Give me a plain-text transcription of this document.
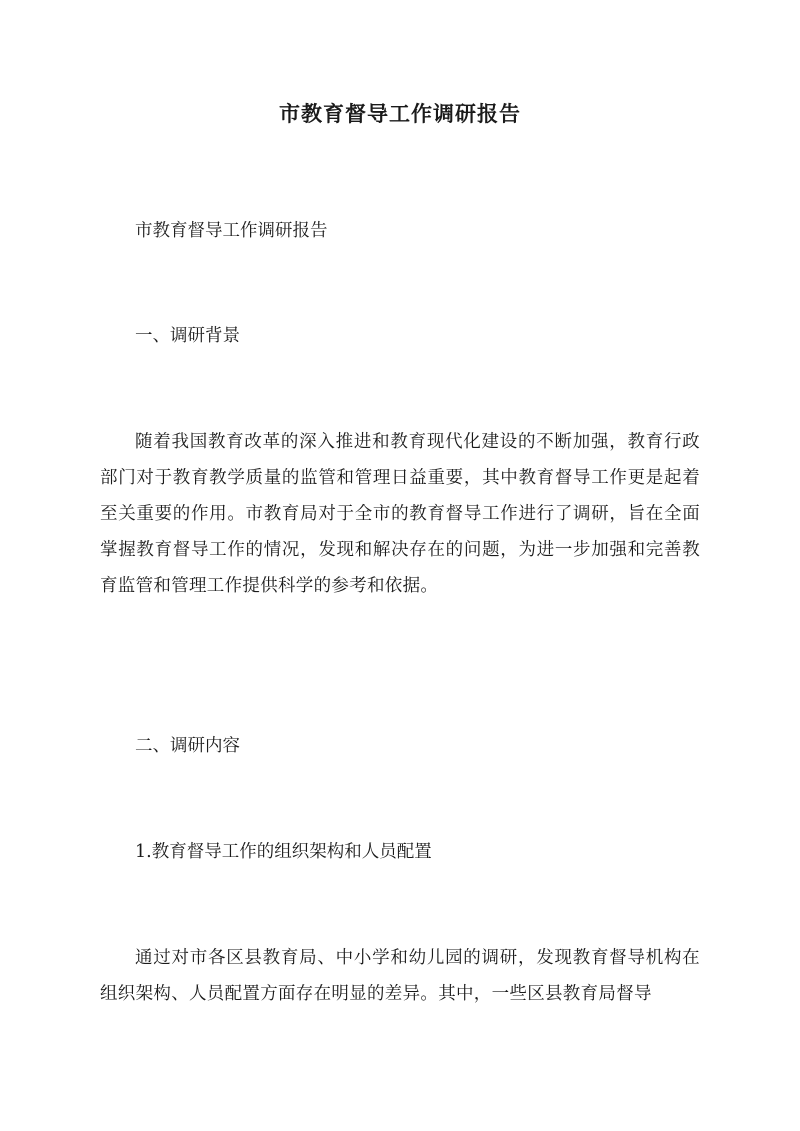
市教育督导工作调研报告
市教育督导工作调研报告
一、调研背景
随着我国教育改革的深入推进和教育现代化建设的不断加强，教育行政部门对于教育教学质量的监管和管理日益重要，其中教育督导工作更是起着至关重要的作用。市教育局对于全市的教育督导工作进行了调研，旨在全面掌握教育督导工作的情况，发现和解决存在的问题，为进一步加强和完善教育监管和管理工作提供科学的参考和依据。
二、调研内容
1.教育督导工作的组织架构和人员配置
通过对市各区县教育局、中小学和幼儿园的调研，发现教育督导机构在组织架构、人员配置方面存在明显的差异。其中，一些区县教育局督导
